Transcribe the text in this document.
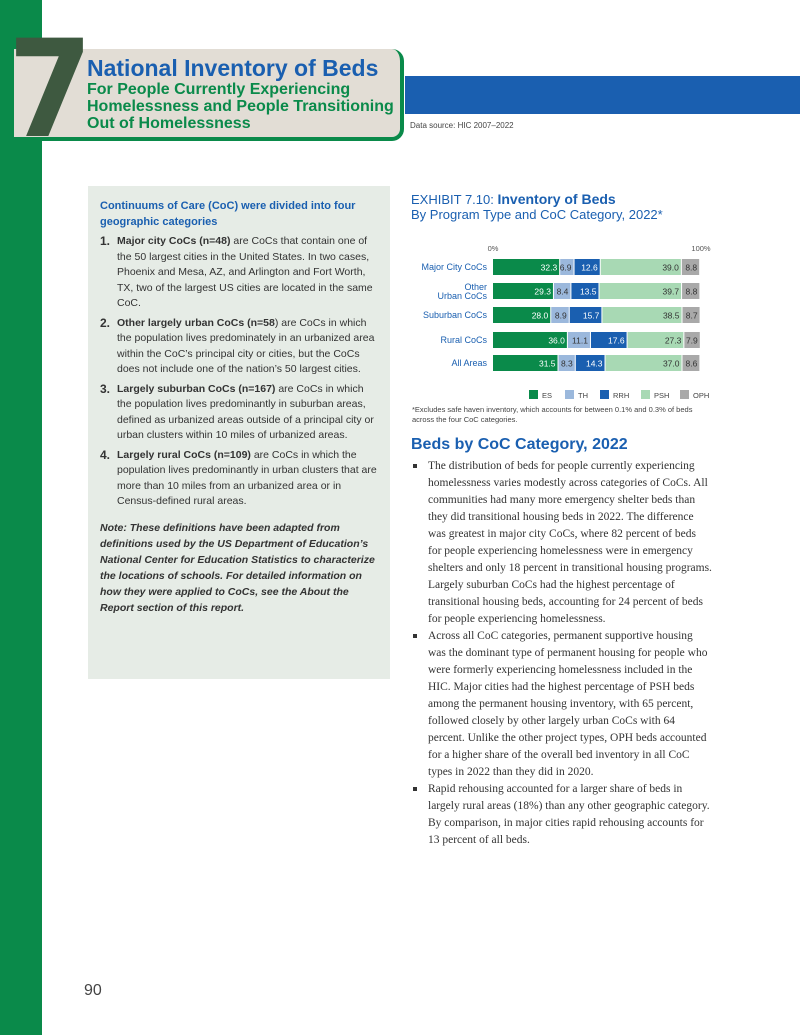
7
National Inventory of Beds
For People Currently Experiencing Homelessness and People Transitioning Out of Homelessness	Data source: HIC 2007–2022
Continuums of Care (CoC) were divided into four geographic categories
1. Major city CoCs (n=48) are CoCs that contain one of the 50 largest cities in the United States. In two cases, Phoenix and Mesa, AZ, and Arlington and Fort Worth, TX, two of the largest US cities are located in the same CoC.
2. Other largely urban CoCs (n=58) are CoCs in which the population lives predominately in an urbanized area within the CoC’s principal city or cities, but the CoCs does not include one of the nation’s 50 largest cities.
3. Largely suburban CoCs (n=167) are CoCs in which the population lives predominantly in suburban areas, defined as urbanized areas outside of a principal city or urban clusters within 10 miles of urbanized areas.
4. Largely rural CoCs (n=109) are CoCs in which the population lives predominantly in urban clusters that are more than 10 miles from an urbanized area or in Census-defined rural areas.
Note: These definitions have been adapted from definitions used by the US Department of Education’s National Center for Education Statistics to characterize the locations of schools. For detailed information on how they were applied to CoCs, see the About the Report section of this report.
EXHIBIT 7.10: Inventory of Beds
By Program Type and CoC Category, 2022*
0%	100%
Major City CoCs	32.3 6.9 12.6	39.0 8.8
Other
Urban CoCs	29.3 8.4 13.5	39.7 8.8
Suburban CoCs	28.0 8.9 15.7	38.5 8.7
Rural CoCs	36.0 11.1 17.6	27.3 7.9
All Areas	31.5 8.3 14.3	37.0 8.6
ES	TH	RRH	PSH	OPH
*Excludes safe haven inventory, which accounts for between 0.1% and 0.3% of beds across the four CoC categories.
Beds by CoC Category, 2022
The distribution of beds for people currently experiencing homelessness varies modestly across categories of CoCs. All communities had many more emergency shelter beds than they did transitional housing beds in 2022. The difference was greatest in major city CoCs, where 82 percent of beds for people experiencing homelessness were in emergency shelters and only 18 percent in transitional housing programs. Largely suburban CoCs had the highest percentage of transitional housing beds, accounting for 24 percent of beds for people experiencing homelessness.
Across all CoC categories, permanent supportive housing was the dominant type of permanent housing for people who were formerly experiencing homelessness included in the HIC. Major cities had the highest percentage of PSH beds among the permanent housing inventory, with 65 percent, followed closely by other largely urban CoCs with 64 percent. Unlike the other project types, OPH beds accounted for a higher share of the overall bed inventory in all CoC types in 2022 than they did in 2020.
Rapid rehousing accounted for a larger share of beds in largely rural areas (18%) than any other geographic category. By comparison, in major cities rapid rehousing accounts for 13 percent of all beds.
90
